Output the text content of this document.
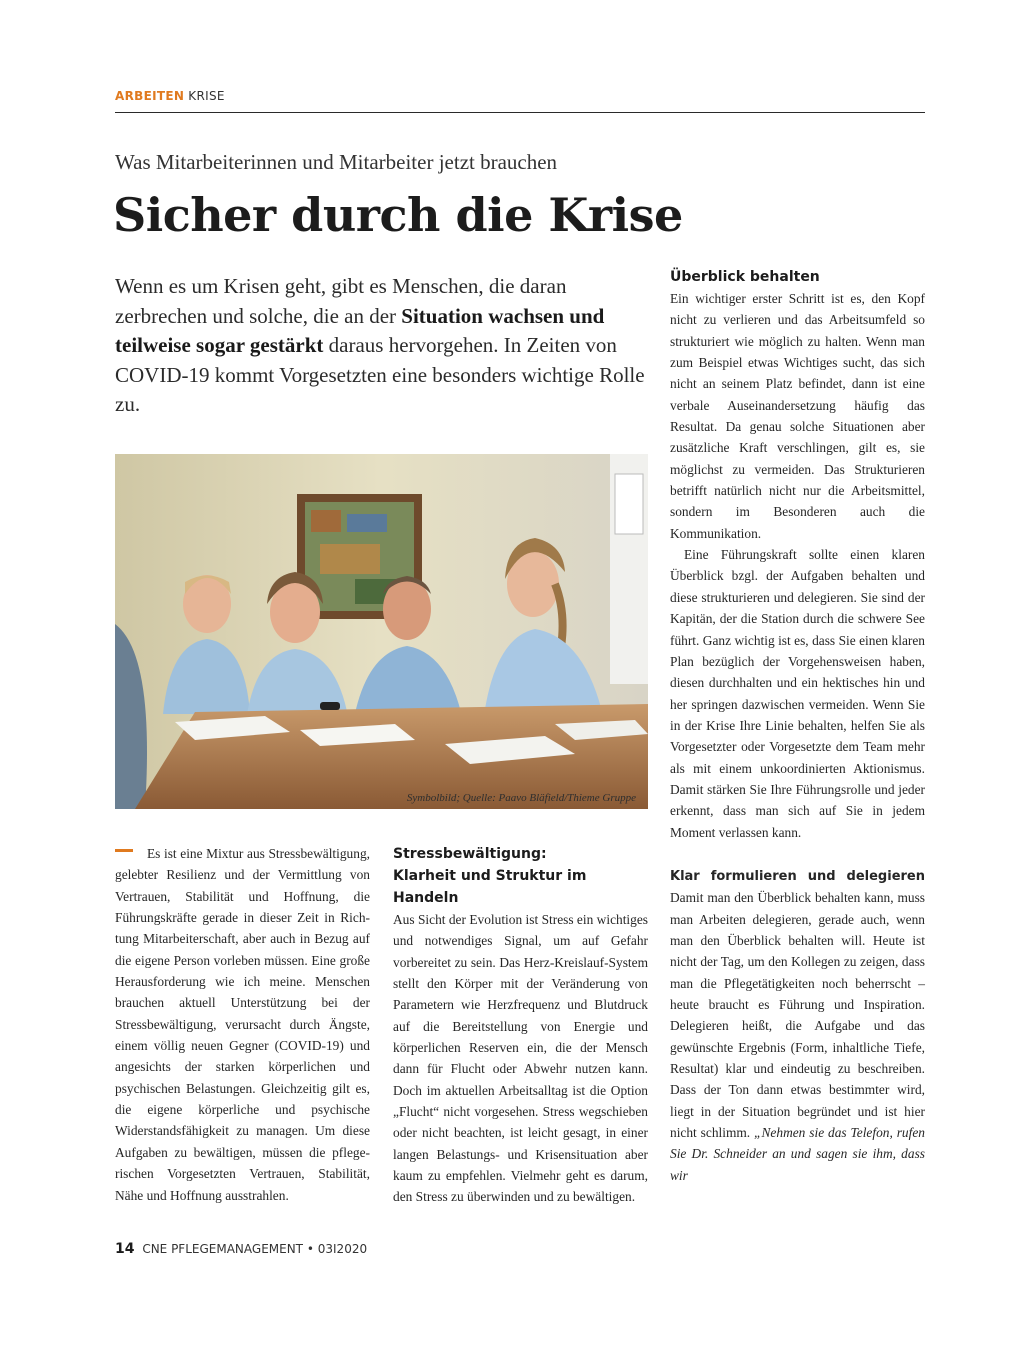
ARBEITEN KRISE
Was Mitarbeiterinnen und Mitarbeiter jetzt brauchen
Sicher durch die Krise

Wenn es um Krisen geht, gibt es Menschen, die daran zerbrechen und solche, die an der Situation wachsen und teilweise sogar gestärkt daraus hervorgehen. In Zeiten von COVID-19 kommt Vorgesetzten eine besonders wichtige Rolle zu.

Symbolbild; Quelle: Paavo Bläfield/Thieme Gruppe

Es ist eine Mixtur aus Stressbewältigung, gelebter Resilienz und der Vermittlung von Vertrauen, Stabilität und Hoffnung, die Führungskräfte gerade in dieser Zeit in Richtung Mitarbeiterschaft, aber auch in Bezug auf die eigene Person vorleben müssen. Eine große Herausforderung wie ich meine. Menschen brauchen aktuell Unterstützung bei der Stressbewältigung, verursacht durch Ängste, einem völlig neuen Gegner (COVID-19) und angesichts der starken körperlichen und psychischen Belastungen. Gleichzeitig gilt es, die eigene körperliche und psychische Widerstandsfähigkeit zu managen. Um diese Aufgaben zu bewältigen, müssen die pflegerischen Vorgesetzten Vertrauen, Stabilität, Nähe und Hoffnung ausstrahlen.

Stressbewältigung:
Klarheit und Struktur im Handeln

Aus Sicht der Evolution ist Stress ein wichtiges und notwendiges Signal, um auf Gefahr vorbereitet zu sein. Das Herz-Kreislauf-System stellt den Körper mit der Veränderung von Parametern wie Herzfrequenz und Blutdruck auf die Bereitstellung von Energie und körperlichen Reserven ein, die der Mensch dann für Flucht oder Abwehr nutzen kann. Doch im aktuellen Arbeitsalltag ist die Option „Flucht“ nicht vorgesehen. Stress wegschieben oder nicht beachten, ist leicht gesagt, in einer langen Belastungs- und Krisensituation aber kaum zu empfehlen. Vielmehr geht es darum, den Stress zu überwinden und zu bewältigen.

Überblick behalten

Ein wichtiger erster Schritt ist es, den Kopf nicht zu verlieren und das Arbeitsumfeld so strukturiert wie möglich zu halten. Wenn man zum Beispiel etwas Wichtiges sucht, das sich nicht an seinem Platz befindet, dann ist eine verbale Auseinandersetzung häufig das Resultat. Da genau solche Situationen aber zusätzliche Kraft verschlingen, gilt es, sie möglichst zu vermeiden. Das Strukturieren betrifft natürlich nicht nur die Arbeitsmittel, sondern im Besonderen auch die Kommunikation.

Eine Führungskraft sollte einen klaren Überblick bzgl. der Aufgaben behalten und diese strukturieren und delegieren. Sie sind der Kapitän, der die Station durch die schwere See führt. Ganz wichtig ist es, dass Sie einen klaren Plan bezüglich der Vorgehensweisen haben, diesen durchhalten und ein hektisches hin und her springen dazwischen vermeiden. Wenn Sie in der Krise Ihre Linie behalten, helfen Sie als Vorgesetzter oder Vorgesetzte dem Team mehr als mit einem unkoordinierten Aktionismus. Damit stärken Sie Ihre Führungsrolle und jeder erkennt, dass man sich auf Sie in jedem Moment verlassen kann.

Klar formulieren und delegieren Damit man den Überblick behalten kann, muss man Arbeiten delegieren, gerade auch, wenn man den Überblick behalten will. Heute ist nicht der Tag, um den Kollegen zu zeigen, dass man die Pflegetätigkeiten noch beherrscht – heute braucht es Führung und Inspiration. Delegieren heißt, die Aufgabe und das gewünschte Ergebnis (Form, inhaltliche Tiefe, Resultat) klar und eindeutig zu beschreiben. Dass der Ton dann etwas bestimmter wird, liegt in der Situation begründet und ist hier nicht schlimm. „Nehmen sie das Telefon, rufen Sie Dr. Schneider an und sagen sie ihm, dass wir

14 CNE PFLEGEMANAGEMENT • 03I2020
